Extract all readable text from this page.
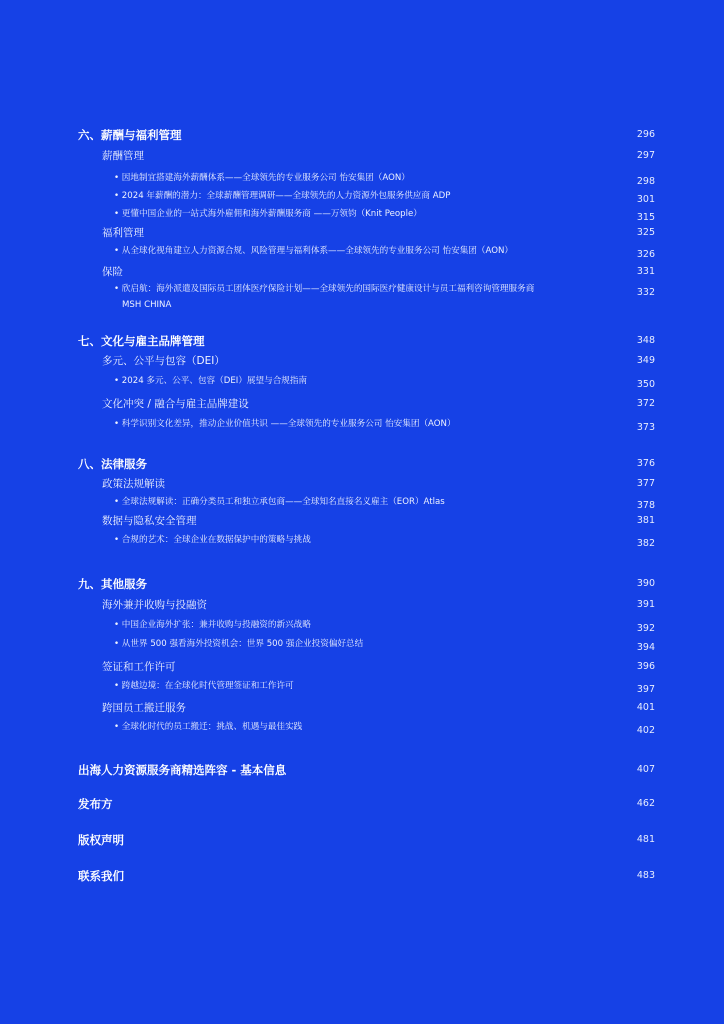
六、薪酬与福利管理	296
薪酬管理	297
• 因地制宜搭建海外薪酬体系——全球领先的专业服务公司 怡安集团（AON）	298
• 2024 年薪酬的潜力：全球薪酬管理调研——全球领先的人力资源外包服务供应商 ADP	301
• 更懂中国企业的一站式海外雇佣和海外薪酬服务商 ——万领钧（Knit People）	315
福利管理	325
• 从全球化视角建立人力资源合规、风险管理与福利体系——全球领先的专业服务公司 怡安集团（AON）	326
保险	331
• 欣启航：海外派遣及国际员工团体医疗保险计划——全球领先的国际医疗健康设计与员工福利咨询管理服务商	332
MSH CHINA
七、文化与雇主品牌管理	348
多元、公平与包容（DEI）	349
• 2024 多元、公平、包容（DEI）展望与合规指南	350
文化冲突 / 融合与雇主品牌建设	372
• 科学识别文化差异，推动企业价值共识 ——全球领先的专业服务公司 怡安集团（AON）	373
八、法律服务	376
政策法规解读	377
• 全球法规解读：正确分类员工和独立承包商——全球知名直接名义雇主（EOR）Atlas	378
数据与隐私安全管理	381
• 合规的艺术：全球企业在数据保护中的策略与挑战	382
九、其他服务	390
海外兼并收购与投融资	391
• 中国企业海外扩张：兼并收购与投融资的新兴战略	392
• 从世界 500 强看海外投资机会：世界 500 强企业投资偏好总结	394
签证和工作许可	396
• 跨越边境：在全球化时代管理签证和工作许可	397
跨国员工搬迁服务	401
• 全球化时代的员工搬迁：挑战、机遇与最佳实践	402
出海人力资源服务商精选阵容 - 基本信息	407
发布方	462
版权声明	481
联系我们	483
